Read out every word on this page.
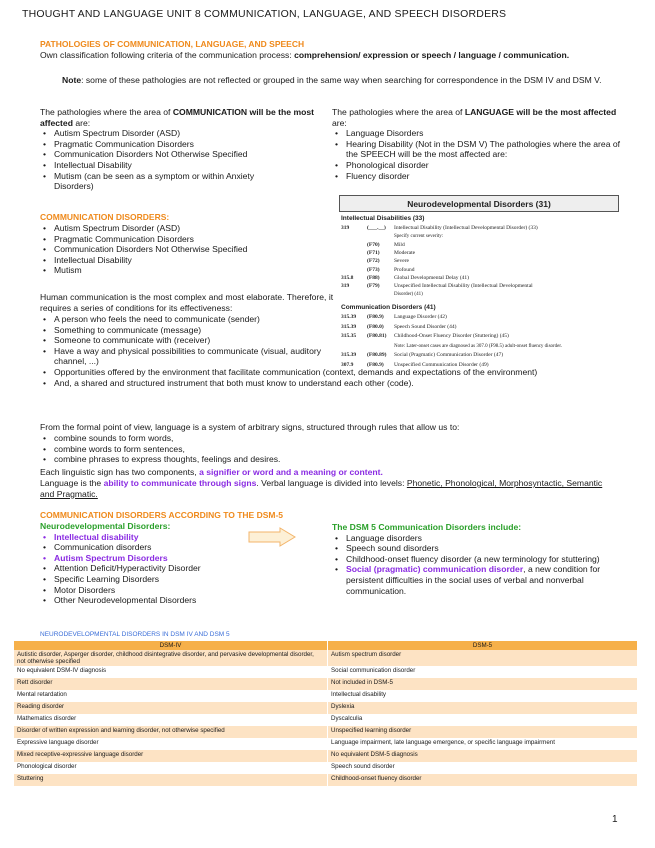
THOUGHT AND LANGUAGE UNIT 8 COMMUNICATION, LANGUAGE, AND SPEECH DISORDERS
PATHOLOGIES OF COMMUNICATION, LANGUAGE, AND SPEECH
Own classification following criteria of the communication process: comprehension/ expression or speech / language / communication.
Note: some of these pathologies are not reflected or grouped in the same way when searching for correspondence in the DSM IV and DSM V.
The pathologies where the area of COMMUNICATION will be the most affected are:
• Autism Spectrum Disorder (ASD)
• Pragmatic Communication Disorders
• Communication Disorders Not Otherwise Specified
• Intellectual Disability
• Mutism (can be seen as a symptom or within Anxiety Disorders)
The pathologies where the area of LANGUAGE will be the most affected are:
• Language Disorders
• Hearing Disability (Not in the DSM V) The pathologies where the area of the SPEECH will be the most affected are:
• Phonological disorder
• Fluency disorder
COMMUNICATION DISORDERS:
• Autism Spectrum Disorder (ASD)
• Pragmatic Communication Disorders
• Communication Disorders Not Otherwise Specified
• Intellectual Disability
• Mutism
Human communication is the most complex and most elaborate. Therefore, it requires a series of conditions for its effectiveness:
• A person who feels the need to communicate (sender)
• Something to communicate (message)
• Someone to communicate with (receiver)
• Have a way and physical possibilities to communicate (visual, auditory channel, ...)
• Opportunities offered by the environment that facilitate communication (context, demands and expectations of the environment)
• And, a shared and structured instrument that both must know to understand each other (code).
Neurodevelopmental Disorders (31)
Intellectual Disabilities (33)
319	(___.__) Intellectual Disability (Intellectual Developmental Disorder) (33)
Specify current severity:
(F70)	Mild
(F71)	Moderate
(F72)	Severe
(F73)	Profound
315.8 (F88)	Global Developmental Delay (41)
319	(F79)	Unspecified Intellectual Disability (Intellectual Developmental
Disorder) (41)
Communication Disorders (41)
315.39 (F80.9) Language Disorder (42)
315.39 (F80.0) Speech Sound Disorder (44)
315.35 (F80.81) Childhood-Onset Fluency Disorder (Stuttering) (45)
Note: Later-onset cases are diagnosed as 307.0 (F98.5) adult-onset fluency disorder.
315.39 (F80.89) Social (Pragmatic) Communication Disorder (47)
307.9 (F80.9) Unspecified Communication Disorder (49)
From the formal point of view, language is a system of arbitrary signs, structured through rules that allow us to:
• combine sounds to form words,
• combine words to form sentences,
• combine phrases to express thoughts, feelings and desires.
Each linguistic sign has two components, a signifier or word and a meaning or content.
Language is the ability to communicate through signs. Verbal language is divided into levels: Phonetic, Phonological, Morphosyntactic, Semantic and Pragmatic.
COMMUNICATION DISORDERS ACCORDING TO THE DSM-5
Neurodevelopmental Disorders:
• Intellectual disability
• Communication disorders
• Autism Spectrum Disorders
• Attention Deficit/Hyperactivity Disorder
• Specific Learning Disorders
• Motor Disorders
• Other Neurodevelopmental Disorders
The DSM 5 Communication Disorders include:
• Language disorders
• Speech sound disorders
• Childhood-onset fluency disorder (a new terminology for stuttering)
• Social (pragmatic) communication disorder, a new condition for persistent difficulties in the social uses of verbal and nonverbal communication.
NEURODEVELOPMENTAL DISORDERS IN DSM IV AND DSM 5
DSM-IV	DSM-5
Autistic disorder, Asperger disorder, childhood disintegrative disorder, and pervasive developmental disorder, not otherwise specified	Autism spectrum disorder
No equivalent DSM-IV diagnosis	Social communication disorder
Rett disorder	Not included in DSM-5
Mental retardation	Intellectual disability
Reading disorder	Dyslexia
Mathematics disorder	Dyscalculia
Disorder of written expression and learning disorder, not otherwise specified	Unspecified learning disorder
Expressive language disorder	Language impairment, late language emergence, or specific language impairment
Mixed receptive-expressive language disorder	No equivalent DSM-5 diagnosis
Phonological disorder	Speech sound disorder
Stuttering	Childhood-onset fluency disorder
1
